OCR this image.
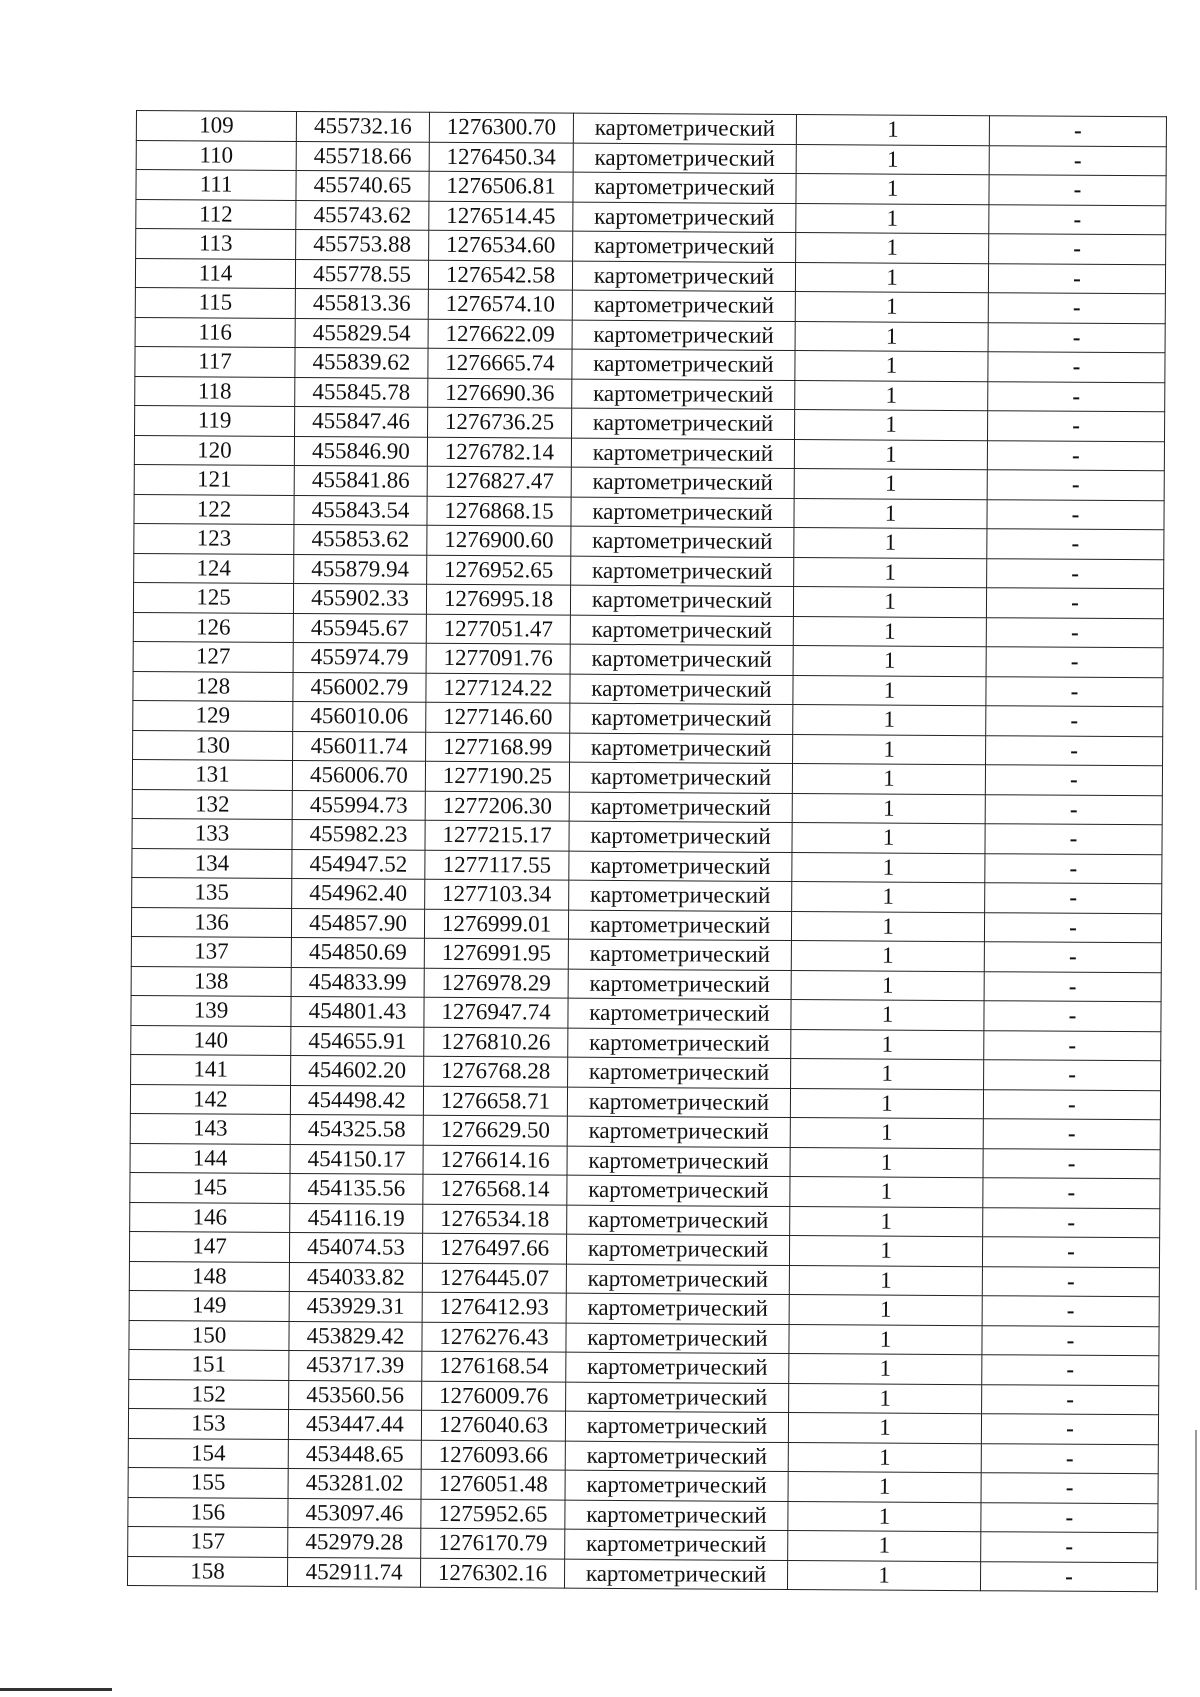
109	455732.16	1276300.70	картометрический	1	-
110	455718.66	1276450.34	картометрический	1	-
111	455740.65	1276506.81	картометрический	1	-
112	455743.62	1276514.45	картометрический	1	-
113	455753.88	1276534.60	картометрический	1	-
114	455778.55	1276542.58	картометрический	1	-
115	455813.36	1276574.10	картометрический	1	-
116	455829.54	1276622.09	картометрический	1	-
117	455839.62	1276665.74	картометрический	1	-
118	455845.78	1276690.36	картометрический	1	-
119	455847.46	1276736.25	картометрический	1	-
120	455846.90	1276782.14	картометрический	1	-
121	455841.86	1276827.47	картометрический	1	-
122	455843.54	1276868.15	картометрический	1	-
123	455853.62	1276900.60	картометрический	1	-
124	455879.94	1276952.65	картометрический	1	-
125	455902.33	1276995.18	картометрический	1	-
126	455945.67	1277051.47	картометрический	1	-
127	455974.79	1277091.76	картометрический	1	-
128	456002.79	1277124.22	картометрический	1	-
129	456010.06	1277146.60	картометрический	1	-
130	456011.74	1277168.99	картометрический	1	-
131	456006.70	1277190.25	картометрический	1	-
132	455994.73	1277206.30	картометрический	1	-
133	455982.23	1277215.17	картометрический	1	-
134	454947.52	1277117.55	картометрический	1	-
135	454962.40	1277103.34	картометрический	1	-
136	454857.90	1276999.01	картометрический	1	-
137	454850.69	1276991.95	картометрический	1	-
138	454833.99	1276978.29	картометрический	1	-
139	454801.43	1276947.74	картометрический	1	-
140	454655.91	1276810.26	картометрический	1	-
141	454602.20	1276768.28	картометрический	1	-
142	454498.42	1276658.71	картометрический	1	-
143	454325.58	1276629.50	картометрический	1	-
144	454150.17	1276614.16	картометрический	1	-
145	454135.56	1276568.14	картометрический	1	-
146	454116.19	1276534.18	картометрический	1	-
147	454074.53	1276497.66	картометрический	1	-
148	454033.82	1276445.07	картометрический	1	-
149	453929.31	1276412.93	картометрический	1	-
150	453829.42	1276276.43	картометрический	1	-
151	453717.39	1276168.54	картометрический	1	-
152	453560.56	1276009.76	картометрический	1	-
153	453447.44	1276040.63	картометрический	1	-
154	453448.65	1276093.66	картометрический	1	-
155	453281.02	1276051.48	картометрический	1	-
156	453097.46	1275952.65	картометрический	1	-
157	452979.28	1276170.79	картометрический	1	-
158	452911.74	1276302.16	картометрический	1	-
